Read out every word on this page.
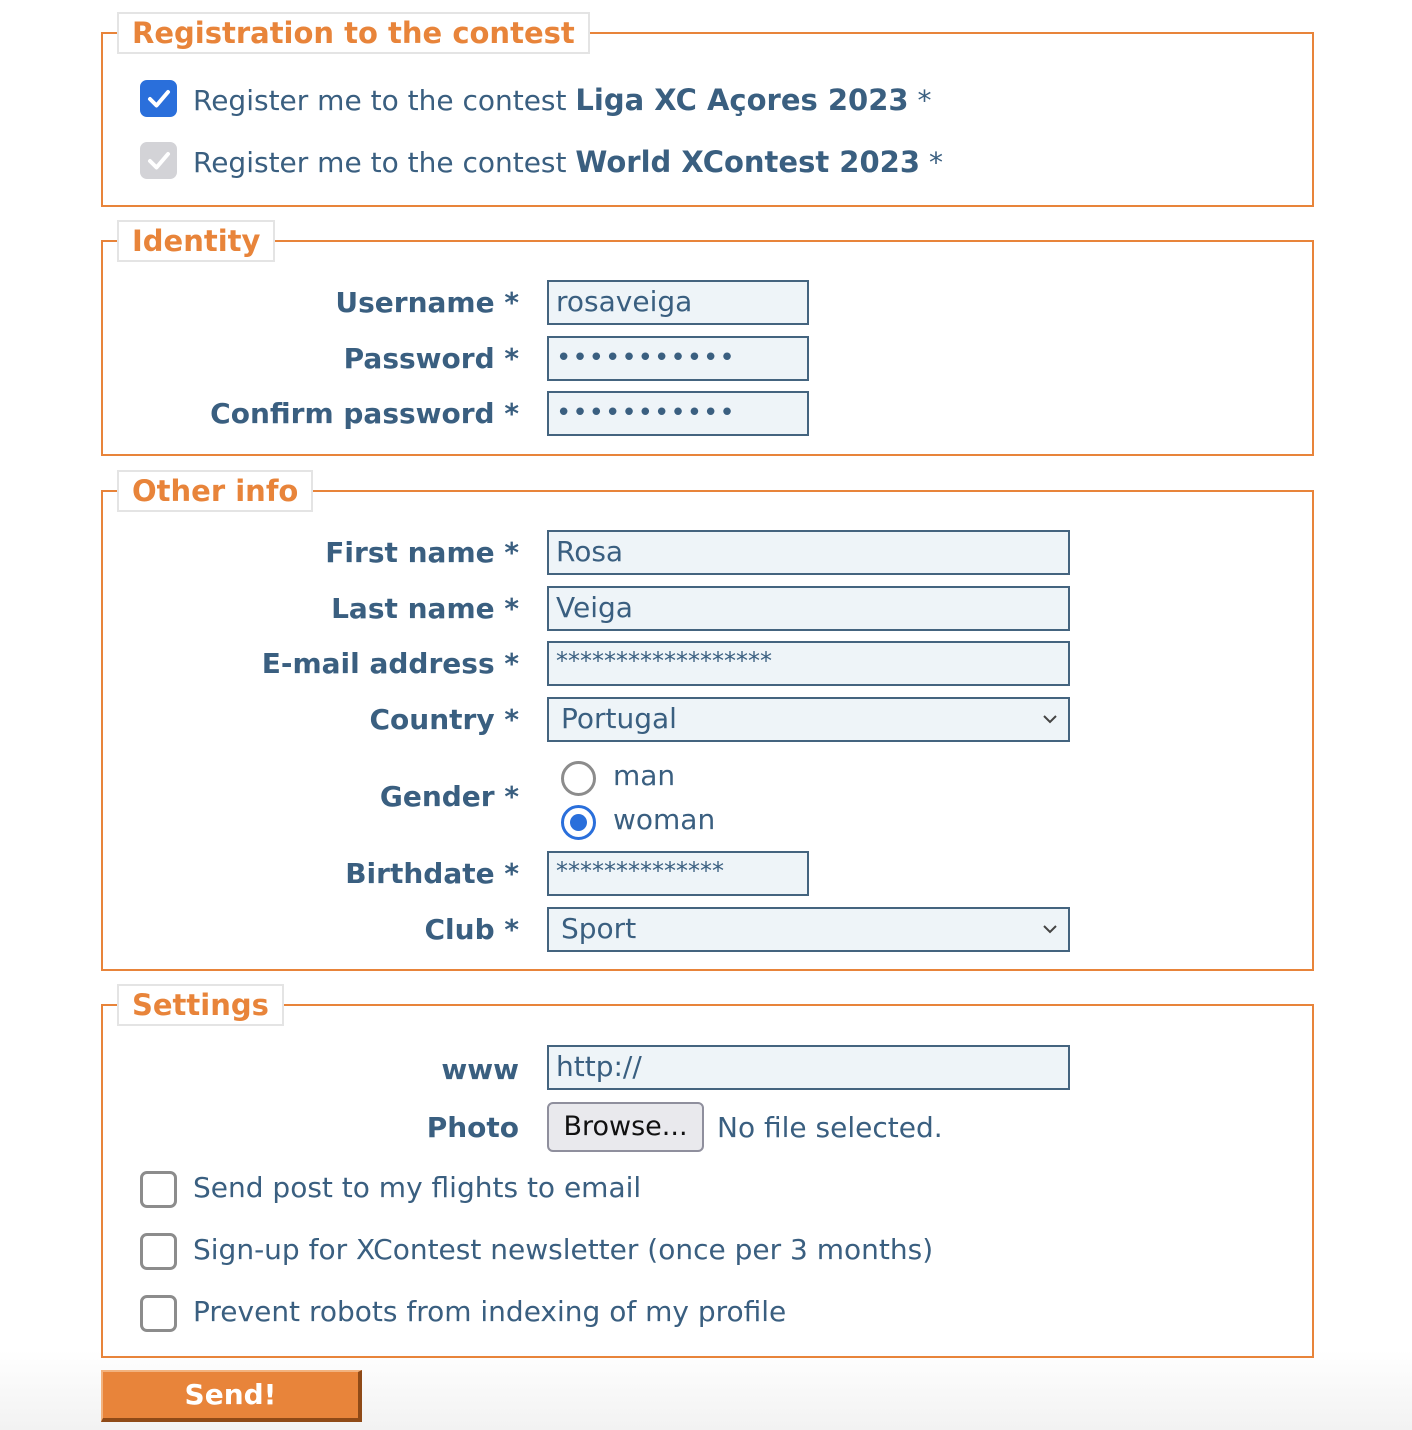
Registration to the contest
Register me to the contest Liga XC Açores 2023 *
Register me to the contest World XContest 2023 *
Identity
Username *	rosaveiga
Password *	•••••••••••
Confirm password *	•••••••••••
Other info
First name *	Rosa
Last name *	Veiga
E-mail address *	******************
Country *	Portugal
Gender *
man
woman
Birthdate *	**************
Club *	Sport
Settings
www	http://
Photo	Browse...	No file selected.
Send post to my flights to email
Sign-up for XContest newsletter (once per 3 months)
Prevent robots from indexing of my profile
Send!
